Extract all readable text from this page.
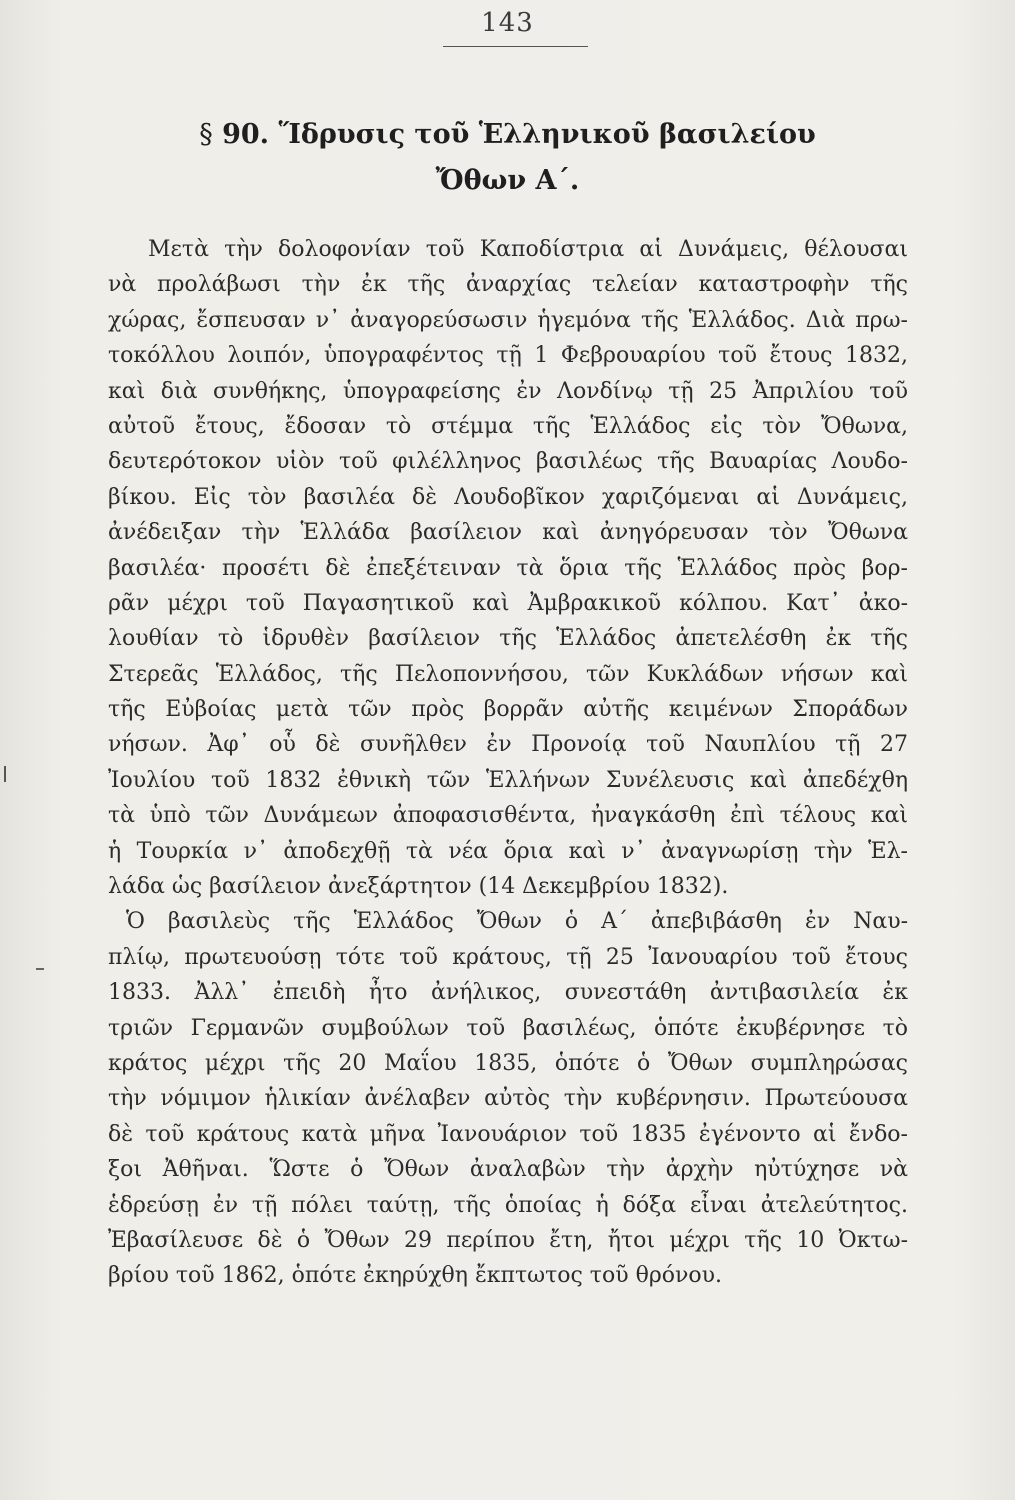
143
§ 90. Ἵδρυσις τοῦ Ἑλληνικοῦ βασιλείου
Ὄθων Α΄.
Μετὰ τὴν δολοφονίαν τοῦ Καποδίστρια αἱ Δυνάμεις, θέλουσαι
νὰ προλάβωσι τὴν ἐκ τῆς ἀναρχίας τελείαν καταστροφὴν τῆς
χώρας, ἔσπευσαν ν᾽ ἀναγορεύσωσιν ἡγεμόνα τῆς Ἑλλάδος. Διὰ πρω-
τοκόλλου λοιπόν, ὑπογραφέντος τῇ 1 Φεβρουαρίου τοῦ ἔτους 1832,
καὶ διὰ συνθήκης, ὑπογραφείσης ἐν Λονδίνῳ τῇ 25 Ἀπριλίου τοῦ
αὐτοῦ ἔτους, ἔδοσαν τὸ στέμμα τῆς Ἑλλάδος εἰς τὸν Ὄθωνα,
δευτερότοκον υἱὸν τοῦ φιλέλληνος βασιλέως τῆς Βαυαρίας Λουδο-
βίκου. Εἰς τὸν βασιλέα δὲ Λουδοβῖκον χαριζόμεναι αἱ Δυνάμεις,
ἀνέδειξαν τὴν Ἑλλάδα βασίλειον καὶ ἀνηγόρευσαν τὸν Ὄθωνα
βασιλέα· προσέτι δὲ ἐπεξέτειναν τὰ ὅρια τῆς Ἑλλάδος πρὸς βορ-
ρᾶν μέχρι τοῦ Παγασητικοῦ καὶ Ἀμβρακικοῦ κόλπου. Κατ᾽ ἀκο-
λουθίαν τὸ ἱδρυθὲν βασίλειον τῆς Ἑλλάδος ἀπετελέσθη ἐκ τῆς
Στερεᾶς Ἑλλάδος, τῆς Πελοποννήσου, τῶν Κυκλάδων νήσων καὶ
τῆς Εὐβοίας μετὰ τῶν πρὸς βορρᾶν αὐτῆς κειμένων Σποράδων
νήσων. Ἀφ᾽ οὗ δὲ συνῆλθεν ἐν Προνοίᾳ τοῦ Ναυπλίου τῇ 27
Ἰουλίου τοῦ 1832 ἐθνικὴ τῶν Ἑλλήνων Συνέλευσις καὶ ἀπεδέχθη
τὰ ὑπὸ τῶν Δυνάμεων ἀποφασισθέντα, ἠναγκάσθη ἐπὶ τέλους καὶ
ἡ Τουρκία ν᾽ ἀποδεχθῇ τὰ νέα ὅρια καὶ ν᾽ ἀναγνωρίσῃ τὴν Ἑλ-
λάδα ὡς βασίλειον ἀνεξάρτητον (14 Δεκεμβρίου 1832).
Ὁ βασιλεὺς τῆς Ἑλλάδος Ὄθων ὁ Α΄ ἀπεβιβάσθη ἐν Ναυ-
πλίῳ, πρωτευούσῃ τότε τοῦ κράτους, τῇ 25 Ἰανουαρίου τοῦ ἔτους
1833. Ἀλλ᾽ ἐπειδὴ ἦτο ἀνήλικος, συνεστάθη ἀντιβασιλεία ἐκ
τριῶν Γερμανῶν συμβούλων τοῦ βασιλέως, ὁπότε ἐκυβέρνησε τὸ
κράτος μέχρι τῆς 20 Μαΐου 1835, ὁπότε ὁ Ὄθων συμπληρώσας
τὴν νόμιμον ἡλικίαν ἀνέλαβεν αὐτὸς τὴν κυβέρνησιν. Πρωτεύουσα
δὲ τοῦ κράτους κατὰ μῆνα Ἰανουάριον τοῦ 1835 ἐγένοντο αἱ ἔνδο-
ξοι Ἀθῆναι. Ὥστε ὁ Ὄθων ἀναλαβὼν τὴν ἀρχὴν ηὐτύχησε νὰ
ἑδρεύσῃ ἐν τῇ πόλει ταύτῃ, τῆς ὁποίας ἡ δόξα εἶναι ἀτελεύτητος.
Ἐβασίλευσε δὲ ὁ Ὄθων 29 περίπου ἔτη, ἤτοι μέχρι τῆς 10 Ὀκτω-
βρίου τοῦ 1862, ὁπότε ἐκηρύχθη ἔκπτωτος τοῦ θρόνου.
